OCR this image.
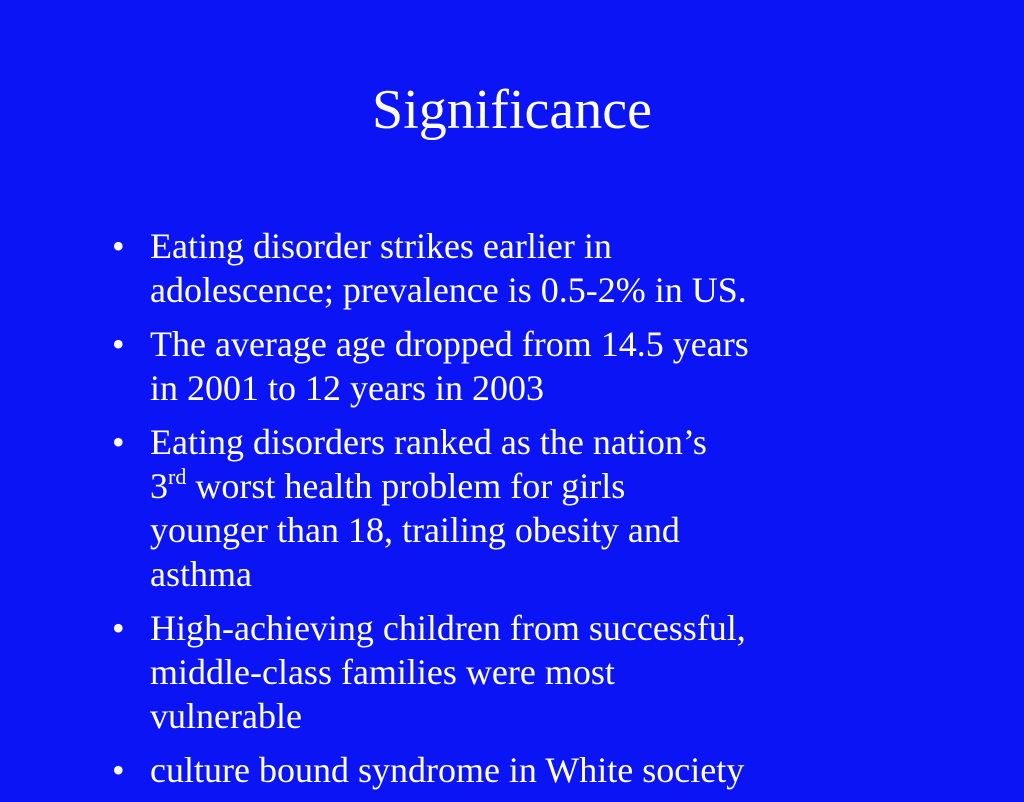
Significance
• Eating disorder strikes earlier in
adolescence; prevalence is 0.5-2% in US.
• The average age dropped from 14.5 years
in 2001 to 12 years in 2003
• Eating disorders ranked as the nation’s
3rd worst health problem for girls
younger than 18, trailing obesity and
asthma
• High-achieving children from successful,
middle-class families were most
vulnerable
• culture bound syndrome in White society
